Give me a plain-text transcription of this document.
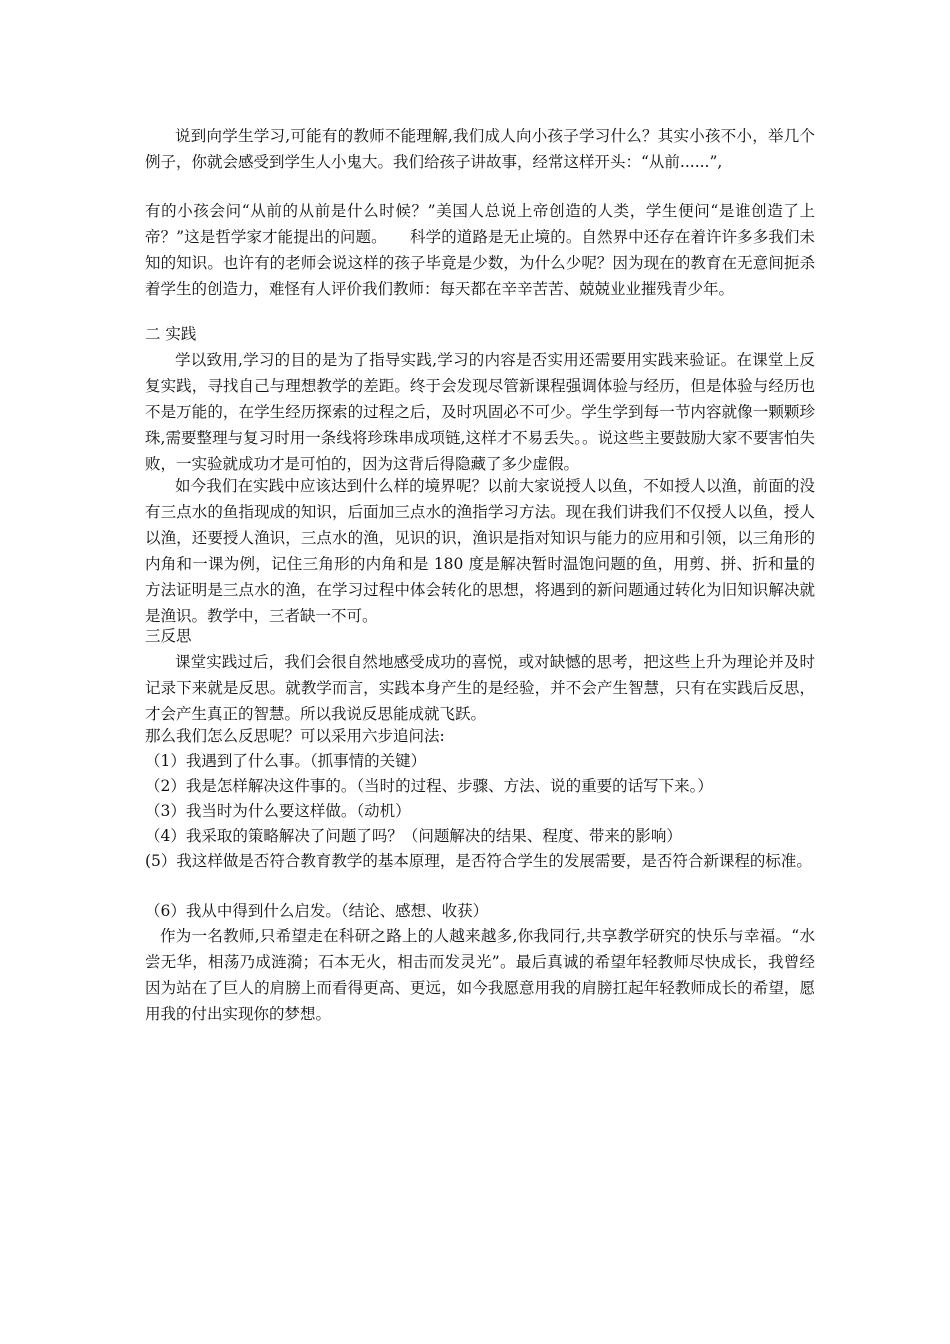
说到向学生学习,可能有的教师不能理解,我们成人向小孩子学习什么？其实小孩不小，举几个例子，你就会感受到学生人小鬼大。我们给孩子讲故事，经常这样开头：“从前......”,

有的小孩会问“从前的从前是什么时候？”美国人总说上帝创造的人类，学生便问“是谁创造了上帝？”这是哲学家才能提出的问题。　　科学的道路是无止境的。自然界中还存在着许许多多我们未知的知识。也许有的老师会说这样的孩子毕竟是少数，为什么少呢？因为现在的教育在无意间扼杀着学生的创造力，难怪有人评价我们教师：每天都在辛辛苦苦、兢兢业业摧残青少年。

二 实践

学以致用,学习的目的是为了指导实践,学习的内容是否实用还需要用实践来验证。在课堂上反复实践，寻找自己与理想教学的差距。终于会发现尽管新课程强调体验与经历，但是体验与经历也不是万能的，在学生经历探索的过程之后，及时巩固必不可少。学生学到每一节内容就像一颗颗珍珠,需要整理与复习时用一条线将珍珠串成项链,这样才不易丢失。。说这些主要鼓励大家不要害怕失败，一实验就成功才是可怕的，因为这背后得隐藏了多少虚假。

如今我们在实践中应该达到什么样的境界呢？以前大家说授人以鱼，不如授人以渔，前面的没有三点水的鱼指现成的知识，后面加三点水的渔指学习方法。现在我们讲我们不仅授人以鱼，授人以渔，还要授人渔识，三点水的渔，见识的识，渔识是指对知识与能力的应用和引领，以三角形的内角和一课为例，记住三角形的内角和是 180 度是解决暂时温饱问题的鱼，用剪、拼、折和量的方法证明是三点水的渔，在学习过程中体会转化的思想，将遇到的新问题通过转化为旧知识解决就是渔识。教学中，三者缺一不可。

三反思

课堂实践过后，我们会很自然地感受成功的喜悦，或对缺憾的思考，把这些上升为理论并及时记录下来就是反思。就教学而言，实践本身产生的是经验，并不会产生智慧，只有在实践后反思，才会产生真正的智慧。所以我说反思能成就飞跃。

那么我们怎么反思呢？可以采用六步追问法:

（1）我遇到了什么事。（抓事情的关键）

（2）我是怎样解决这件事的。（当时的过程、步骤、方法、说的重要的话写下来。）

（3）我当时为什么要这样做。（动机）

（4）我采取的策略解决了问题了吗？（问题解决的结果、程度、带来的影响）

(5）我这样做是否符合教育教学的基本原理，是否符合学生的发展需要，是否符合新课程的标准。

（6）我从中得到什么启发。（结论、感想、收获）

作为一名教师,只希望走在科研之路上的人越来越多,你我同行,共享教学研究的快乐与幸福。“水尝无华，相荡乃成涟漪；石本无火，相击而发灵光”。最后真诚的希望年轻教师尽快成长，我曾经因为站在了巨人的肩膀上而看得更高、更远，如今我愿意用我的肩膀扛起年轻教师成长的希望，愿用我的付出实现你的梦想。
